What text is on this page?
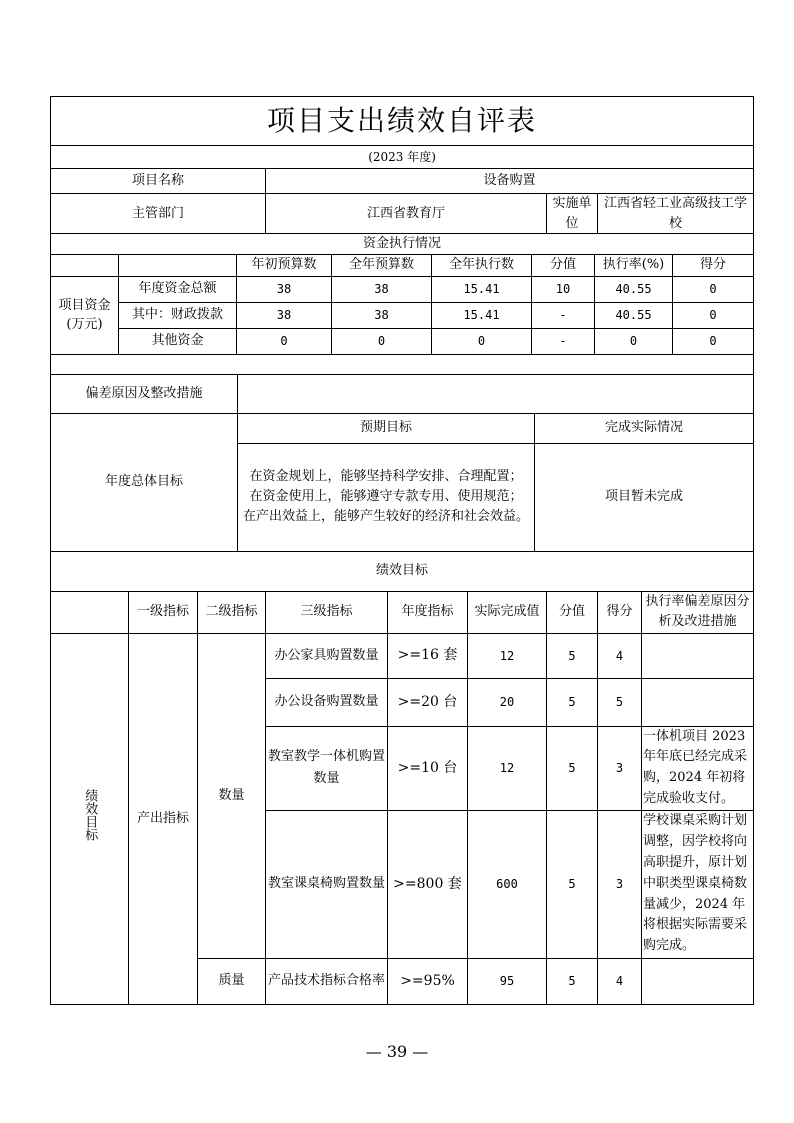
项目支出绩效自评表			
(2023 年度)			
项目名称	设备购置		
主管部门	江西省教育厅	实施单位	江西省轻工业高级技工学校
资金执行情况							
		年初预算数	全年预算数	全年执行数	分值	执行率(%)	得分

项目资金
(万元)	年度资金总额	38	38	15.41	10	40.55	0
	其中：财政拨款	38	38	15.41	-	40.55	0
	其他资金	0	0	0	-	0	0

偏差原因及整改措施		
年度总体目标	预期目标	完成实际情况

	在资金规划上，能够坚持科学安排、合理配置；
在资金使用上，能够遵守专款专用、使用规范；
在产出效益上，能够产生较好的经济和社会效益。	项目暂未完成
绩效目标		
	一级指标	二级指标	三级指标	年度指标	实际完成值	分值	得分	执行率偏差原因分析及改进措施
绩效目标	产出指标	数量	办公家具购置数量	>=16 套	12	5	4	
			办公设备购置数量	>=20 台	20	5	5	
			教室教学一体机购置数量	>=10 台	12	5	3	一体机项目 2023 年年底已经完成采购，2024 年初将完成验收支付。
			教室课桌椅购置数量	>=800 套	600	5	3	学校课桌采购计划调整，因学校将向高职提升，原计划中职类型课桌椅数量减少，2024 年将根据实际需要采购完成。
		质量	产品技术指标合格率	>=95%	95	5	4	
— 39 —
